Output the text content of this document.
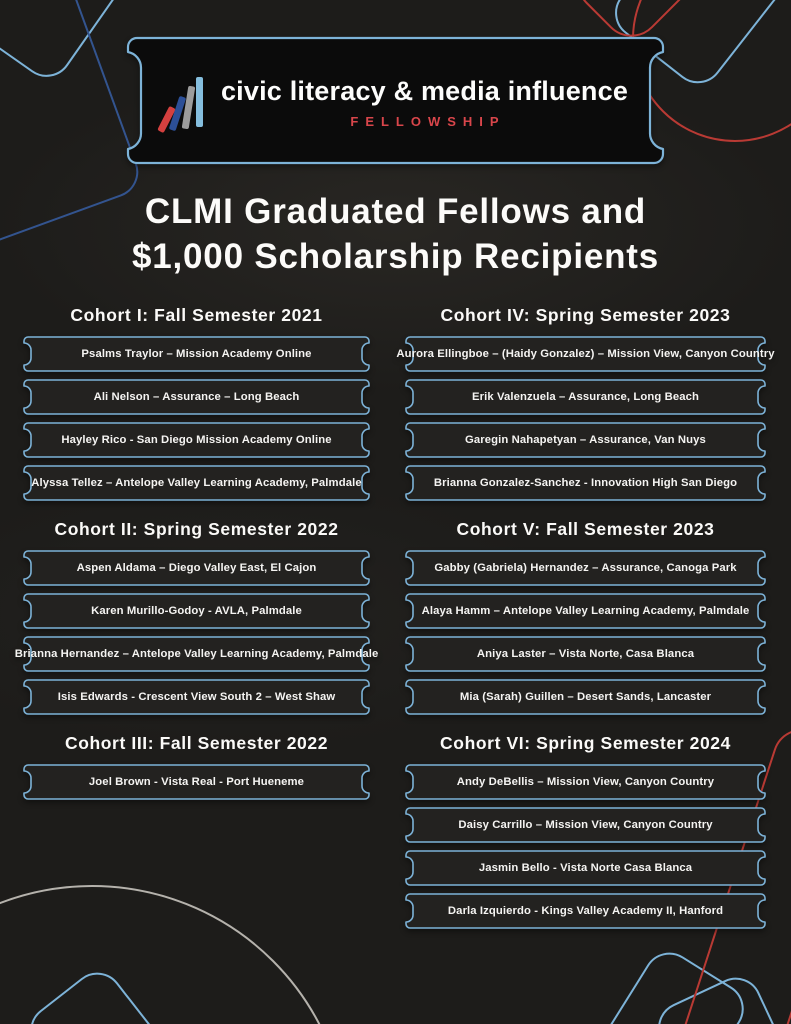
civic literacy & media influence
FELLOWSHIP
CLMI Graduated Fellows and
$1,000 Scholarship Recipients
Cohort I: Fall Semester 2021
Psalms Traylor – Mission Academy Online
Ali Nelson – Assurance – Long Beach
Hayley Rico - San Diego Mission Academy Online
Alyssa Tellez – Antelope Valley Learning Academy, Palmdale
Cohort II: Spring Semester 2022
Aspen Aldama – Diego Valley East, El Cajon
Karen Murillo-Godoy - AVLA, Palmdale
Brianna Hernandez – Antelope Valley Learning Academy, Palmdale
Isis Edwards - Crescent View South 2 – West Shaw
Cohort III: Fall Semester 2022
Joel Brown - Vista Real - Port Hueneme
Cohort IV: Spring Semester 2023
Aurora Ellingboe – (Haidy Gonzalez) – Mission View, Canyon Country
Erik Valenzuela – Assurance, Long Beach
Garegin Nahapetyan – Assurance, Van Nuys
Brianna Gonzalez-Sanchez - Innovation High San Diego
Cohort V: Fall Semester 2023
Gabby (Gabriela) Hernandez – Assurance, Canoga Park
Alaya Hamm – Antelope Valley Learning Academy, Palmdale
Aniya Laster – Vista Norte, Casa Blanca
Mia (Sarah) Guillen – Desert Sands, Lancaster
Cohort VI: Spring Semester 2024
Andy DeBellis – Mission View, Canyon Country
Daisy Carrillo – Mission View, Canyon Country
Jasmin Bello - Vista Norte Casa Blanca
Darla Izquierdo - Kings Valley Academy II, Hanford
